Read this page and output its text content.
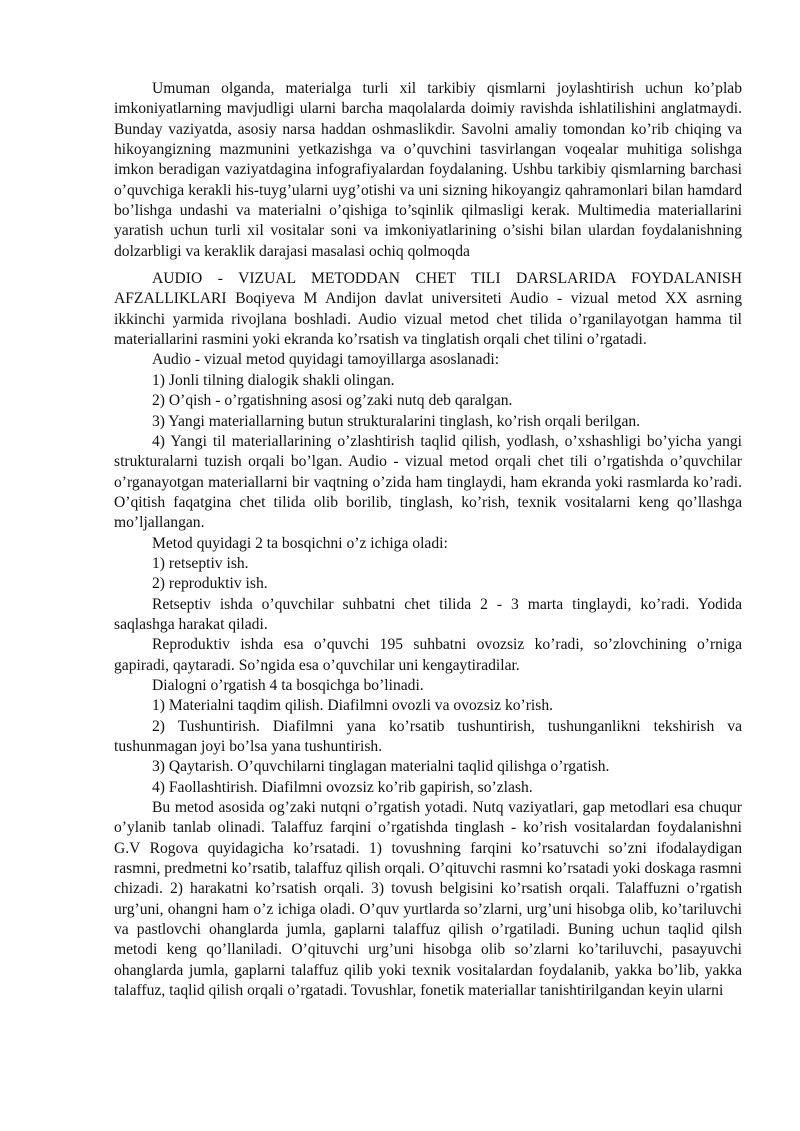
Umuman olganda, materialga turli xil tarkibiy qismlarni joylashtirish uchun ko’plab imkoniyatlarning mavjudligi ularni barcha maqolalarda doimiy ravishda ishlatilishini anglatmaydi. Bunday vaziyatda, asosiy narsa haddan oshmaslikdir. Savolni amaliy tomondan ko’rib chiqing va hikoyangizning mazmunini yetkazishga va o’quvchini tasvirlangan voqealar muhitiga solishga imkon beradigan vaziyatdagina infografiyalardan foydalaning. Ushbu tarkibiy qismlarning barchasi o’quvchiga kerakli his-tuyg’ularni uyg’otishi va uni sizning hikoyangiz qahramonlari bilan hamdard bo’lishga undashi va materialni o’qishiga to’sqinlik qilmasligi kerak. Multimedia materiallarini yaratish uchun turli xil vositalar soni va imkoniyatlarining o’sishi bilan ulardan foydalanishning dolzarbligi va keraklik darajasi masalasi ochiq qolmoqda

AUDIO - VIZUAL METODDAN CHET TILI DARSLARIDA FOYDALANISH AFZALLIKLARI Boqiyeva M Andijon davlat universiteti Audio - vizual metod XX asrning ikkinchi yarmida rivojlana boshladi. Audio vizual metod chet tilida o’rganilayotgan hamma til materiallarini rasmini yoki ekranda ko’rsatish va tinglatish orqali chet tilini o’rgatadi.

Audio - vizual metod quyidagi tamoyillarga asoslanadi:

1) Jonli tilning dialogik shakli olingan.

2) O’qish - o’rgatishning asosi og’zaki nutq deb qaralgan.

3) Yangi materiallarning butun strukturalarini tinglash, ko’rish orqali berilgan.

4) Yangi til materiallarining o’zlashtirish taqlid qilish, yodlash, o’xshashligi bo’yicha yangi strukturalarni tuzish orqali bo’lgan. Audio - vizual metod orqali chet tili o’rgatishda o’quvchilar o’rganayotgan materiallarni bir vaqtning o’zida ham tinglaydi, ham ekranda yoki rasmlarda ko’radi. O’qitish faqatgina chet tilida olib borilib, tinglash, ko’rish, texnik vositalarni keng qo’llashga mo’ljallangan.

Metod quyidagi 2 ta bosqichni o’z ichiga oladi:

1) retseptiv ish.

2) reproduktiv ish.

Retseptiv ishda o’quvchilar suhbatni chet tilida 2 - 3 marta tinglaydi, ko’radi. Yodida saqlashga harakat qiladi.

Reproduktiv ishda esa o’quvchi 195 suhbatni ovozsiz ko’radi, so’zlovchining o’rniga gapiradi, qaytaradi. So’ngida esa o’quvchilar uni kengaytiradilar.

Dialogni o’rgatish 4 ta bosqichga bo’linadi.

1) Materialni taqdim qilish. Diafilmni ovozli va ovozsiz ko’rish.

2) Tushuntirish. Diafilmni yana ko’rsatib tushuntirish, tushunganlikni tekshirish va tushunmagan joyi bo’lsa yana tushuntirish.

3) Qaytarish. O’quvchilarni tinglagan materialni taqlid qilishga o’rgatish.

4) Faollashtirish. Diafilmni ovozsiz ko’rib gapirish, so’zlash.

Bu metod asosida og’zaki nutqni o’rgatish yotadi. Nutq vaziyatlari, gap metodlari esa chuqur o’ylanib tanlab olinadi. Talaffuz farqini o’rgatishda tinglash - ko’rish vositalardan foydalanishni G.V Rogova quyidagicha ko’rsatadi. 1) tovushning farqini ko’rsatuvchi so’zni ifodalaydigan rasmni, predmetni ko’rsatib, talaffuz qilish orqali. O’qituvchi rasmni ko’rsatadi yoki doskaga rasmni chizadi. 2) harakatni ko’rsatish orqali. 3) tovush belgisini ko’rsatish orqali. Talaffuzni o’rgatish urg’uni, ohangni ham o’z ichiga oladi. O’quv yurtlarda so’zlarni, urg’uni hisobga olib, ko’tariluvchi va pastlovchi ohanglarda jumla, gaplarni talaffuz qilish o’rgatiladi. Buning uchun taqlid qilsh metodi keng qo’llaniladi. O’qituvchi urg’uni hisobga olib so’zlarni ko’tariluvchi, pasayuvchi ohanglarda jumla, gaplarni talaffuz qilib yoki texnik vositalardan foydalanib, yakka bo’lib, yakka talaffuz, taqlid qilish orqali o’rgatadi. Tovushlar, fonetik materiallar tanishtirilgandan keyin ularni
